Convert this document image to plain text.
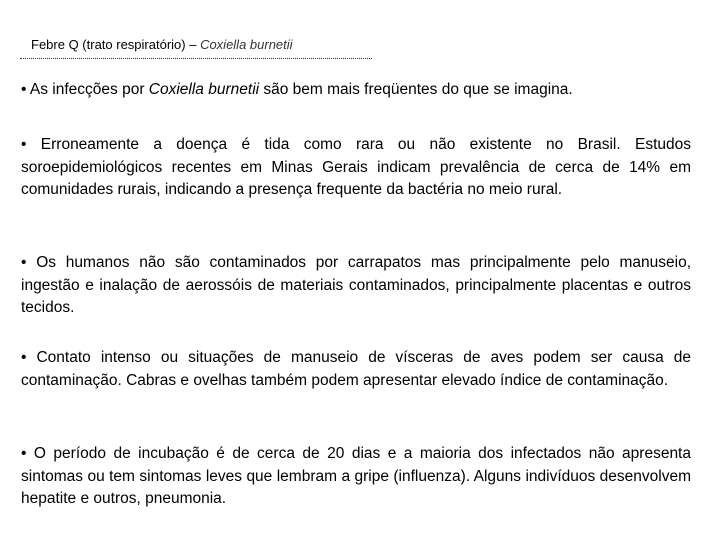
Febre Q (trato respiratório) – Coxiella burnetii

• As infecções por Coxiella burnetii são bem mais freqüentes do que se imagina.

• Erroneamente a doença é tida como rara ou não existente no Brasil. Estudos soroepidemiológicos recentes em Minas Gerais indicam prevalência de cerca de 14% em comunidades rurais, indicando a presença frequente da bactéria no meio rural.

• Os humanos não são contaminados por carrapatos mas principalmente pelo manuseio, ingestão e inalação de aerossóis de materiais contaminados, principalmente placentas e outros tecidos.

• Contato intenso ou situações de manuseio de vísceras de aves podem ser causa de contaminação. Cabras e ovelhas também podem apresentar elevado índice de contaminação.

• O período de incubação é de cerca de 20 dias e a maioria dos infectados não apresenta sintomas ou tem sintomas leves que lembram a gripe (influenza). Alguns indivíduos desenvolvem hepatite e outros, pneumonia.
